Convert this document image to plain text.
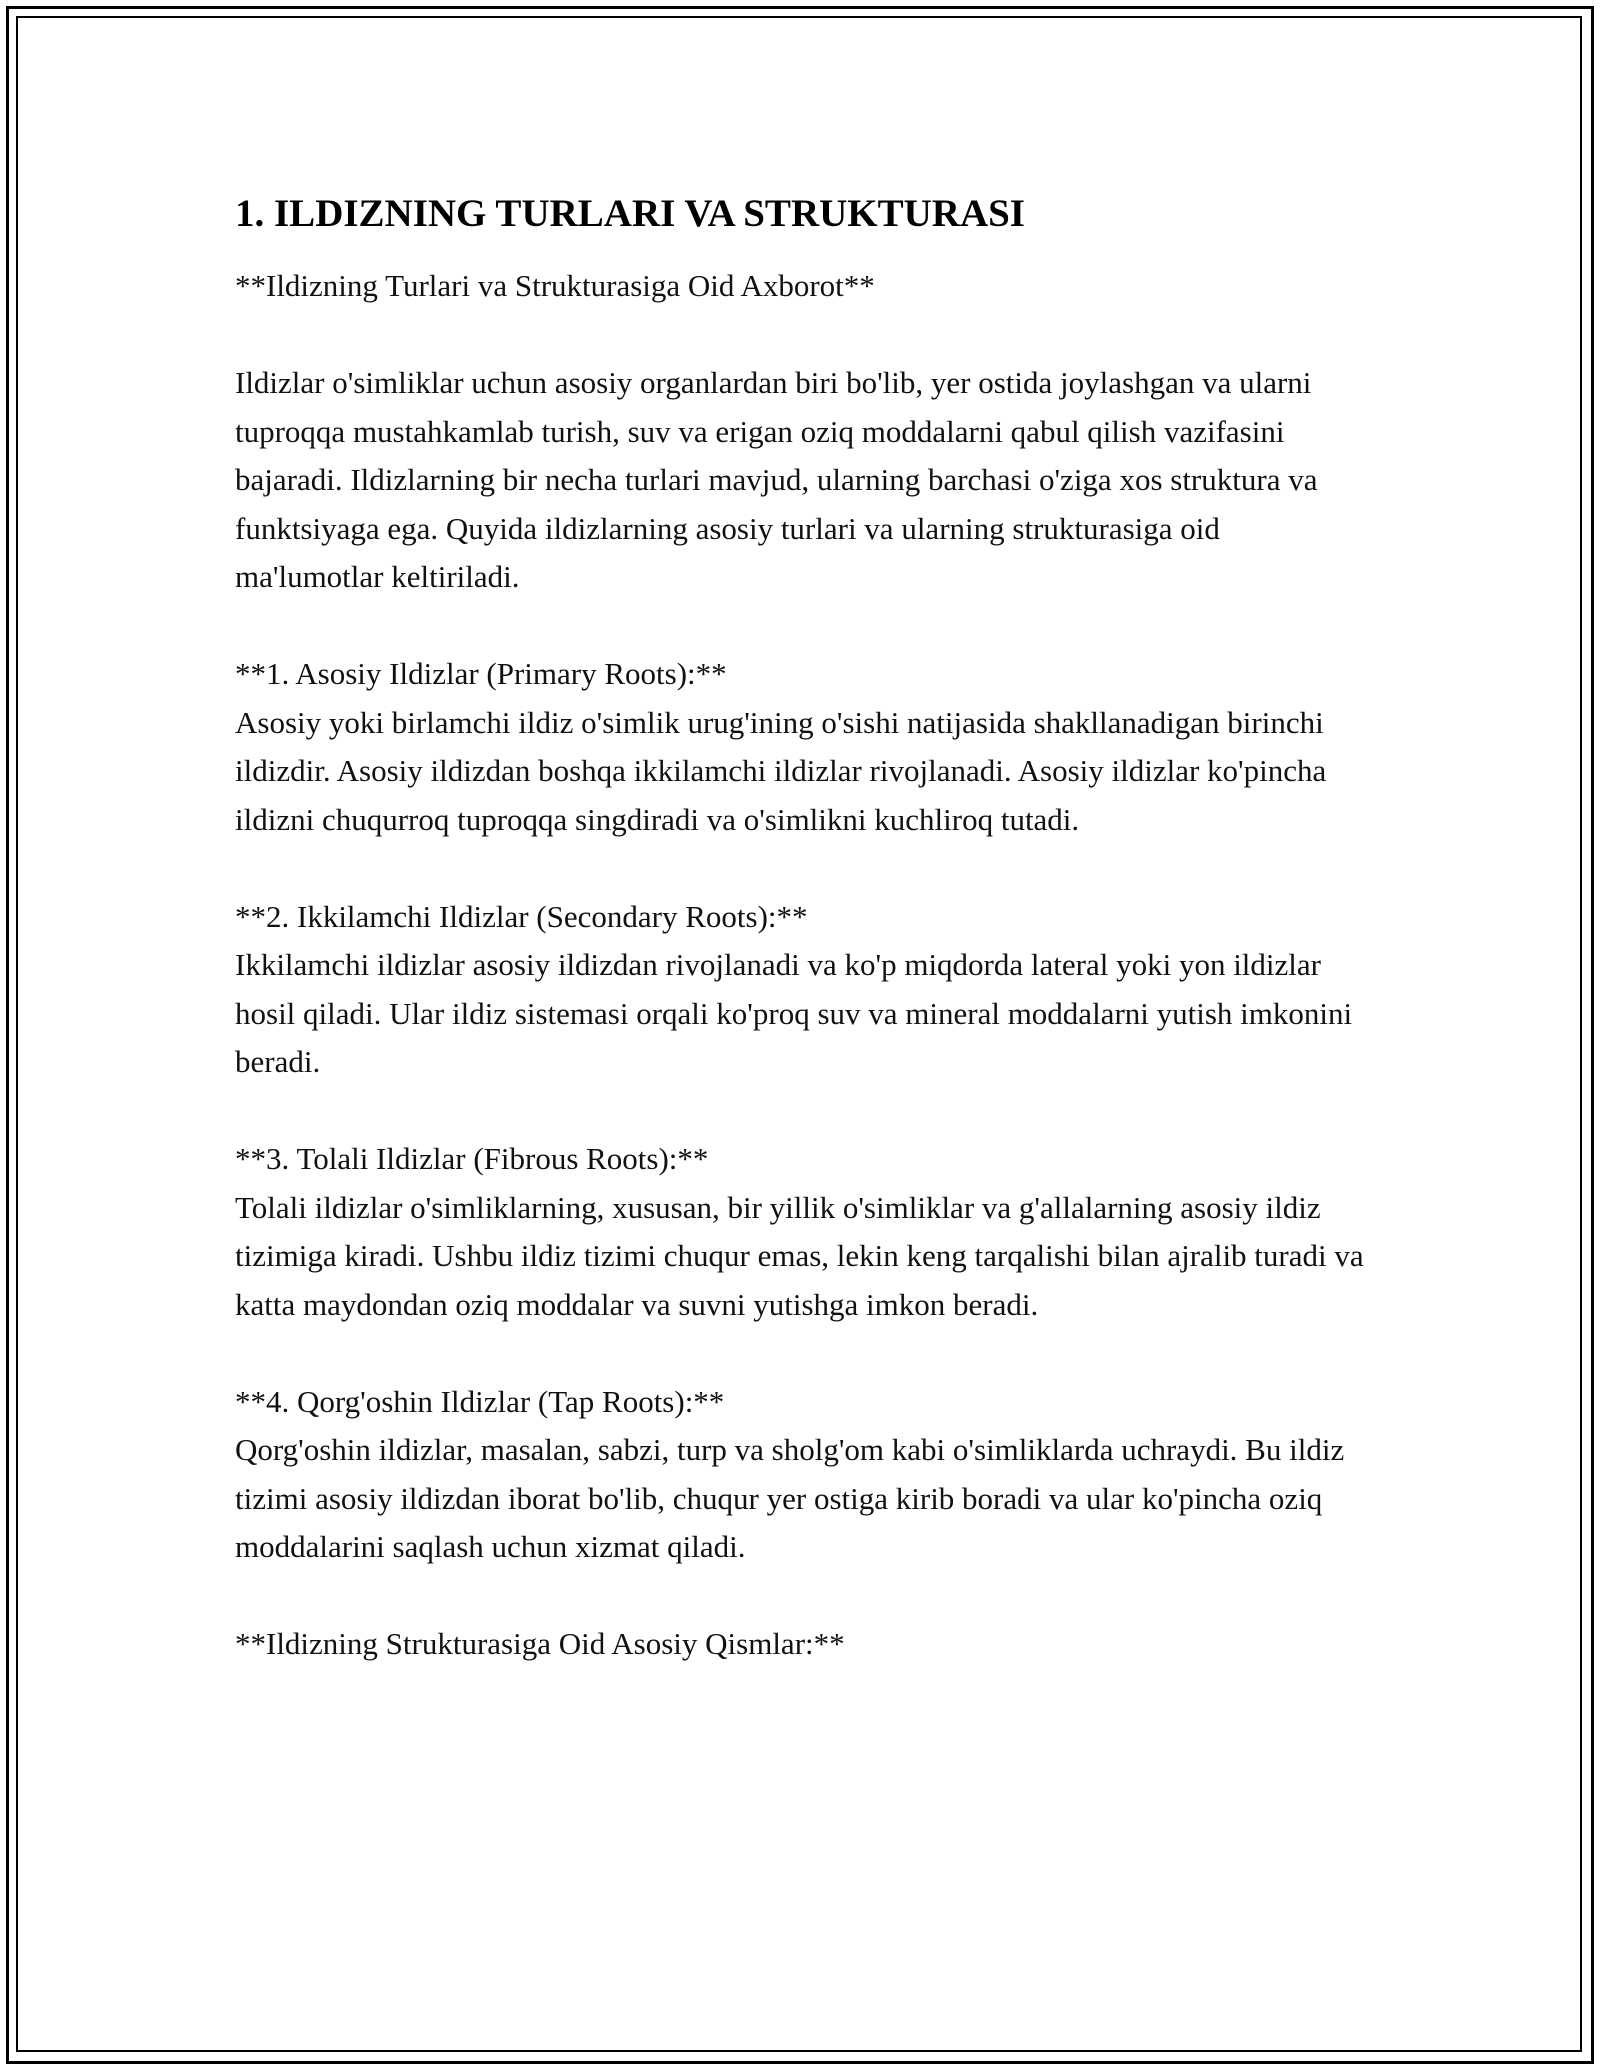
1. ILDIZNING TURLARI VA STRUKTURASI

**Ildizning Turlari va Strukturasiga Oid Axborot**

Ildizlar o'simliklar uchun asosiy organlardan biri bo'lib, yer ostida joylashgan va ularni tuproqqa mustahkamlab turish, suv va erigan oziq moddalarni qabul qilish vazifasini bajaradi. Ildizlarning bir necha turlari mavjud, ularning barchasi o'ziga xos struktura va funktsiyaga ega. Quyida ildizlarning asosiy turlari va ularning strukturasiga oid ma'lumotlar keltiriladi.

**1. Asosiy Ildizlar (Primary Roots):**

Asosiy yoki birlamchi ildiz o'simlik urug'ining o'sishi natijasida shakllanadigan birinchi ildizdir. Asosiy ildizdan boshqa ikkilamchi ildizlar rivojlanadi. Asosiy ildizlar ko'pincha ildizni chuqurroq tuproqqa singdiradi va o'simlikni kuchliroq tutadi.

**2. Ikkilamchi Ildizlar (Secondary Roots):**

Ikkilamchi ildizlar asosiy ildizdan rivojlanadi va ko'p miqdorda lateral yoki yon ildizlar hosil qiladi. Ular ildiz sistemasi orqali ko'proq suv va mineral moddalarni yutish imkonini beradi.

**3. Tolali Ildizlar (Fibrous Roots):**

Tolali ildizlar o'simliklarning, xususan, bir yillik o'simliklar va g'allalarning asosiy ildiz tizimiga kiradi. Ushbu ildiz tizimi chuqur emas, lekin keng tarqalishi bilan ajralib turadi va katta maydondan oziq moddalar va suvni yutishga imkon beradi.

**4. Qorg'oshin Ildizlar (Tap Roots):**

Qorg'oshin ildizlar, masalan, sabzi, turp va sholg'om kabi o'simliklarda uchraydi. Bu ildiz tizimi asosiy ildizdan iborat bo'lib, chuqur yer ostiga kirib boradi va ular ko'pincha oziq moddalarini saqlash uchun xizmat qiladi.

**Ildizning Strukturasiga Oid Asosiy Qismlar:**
